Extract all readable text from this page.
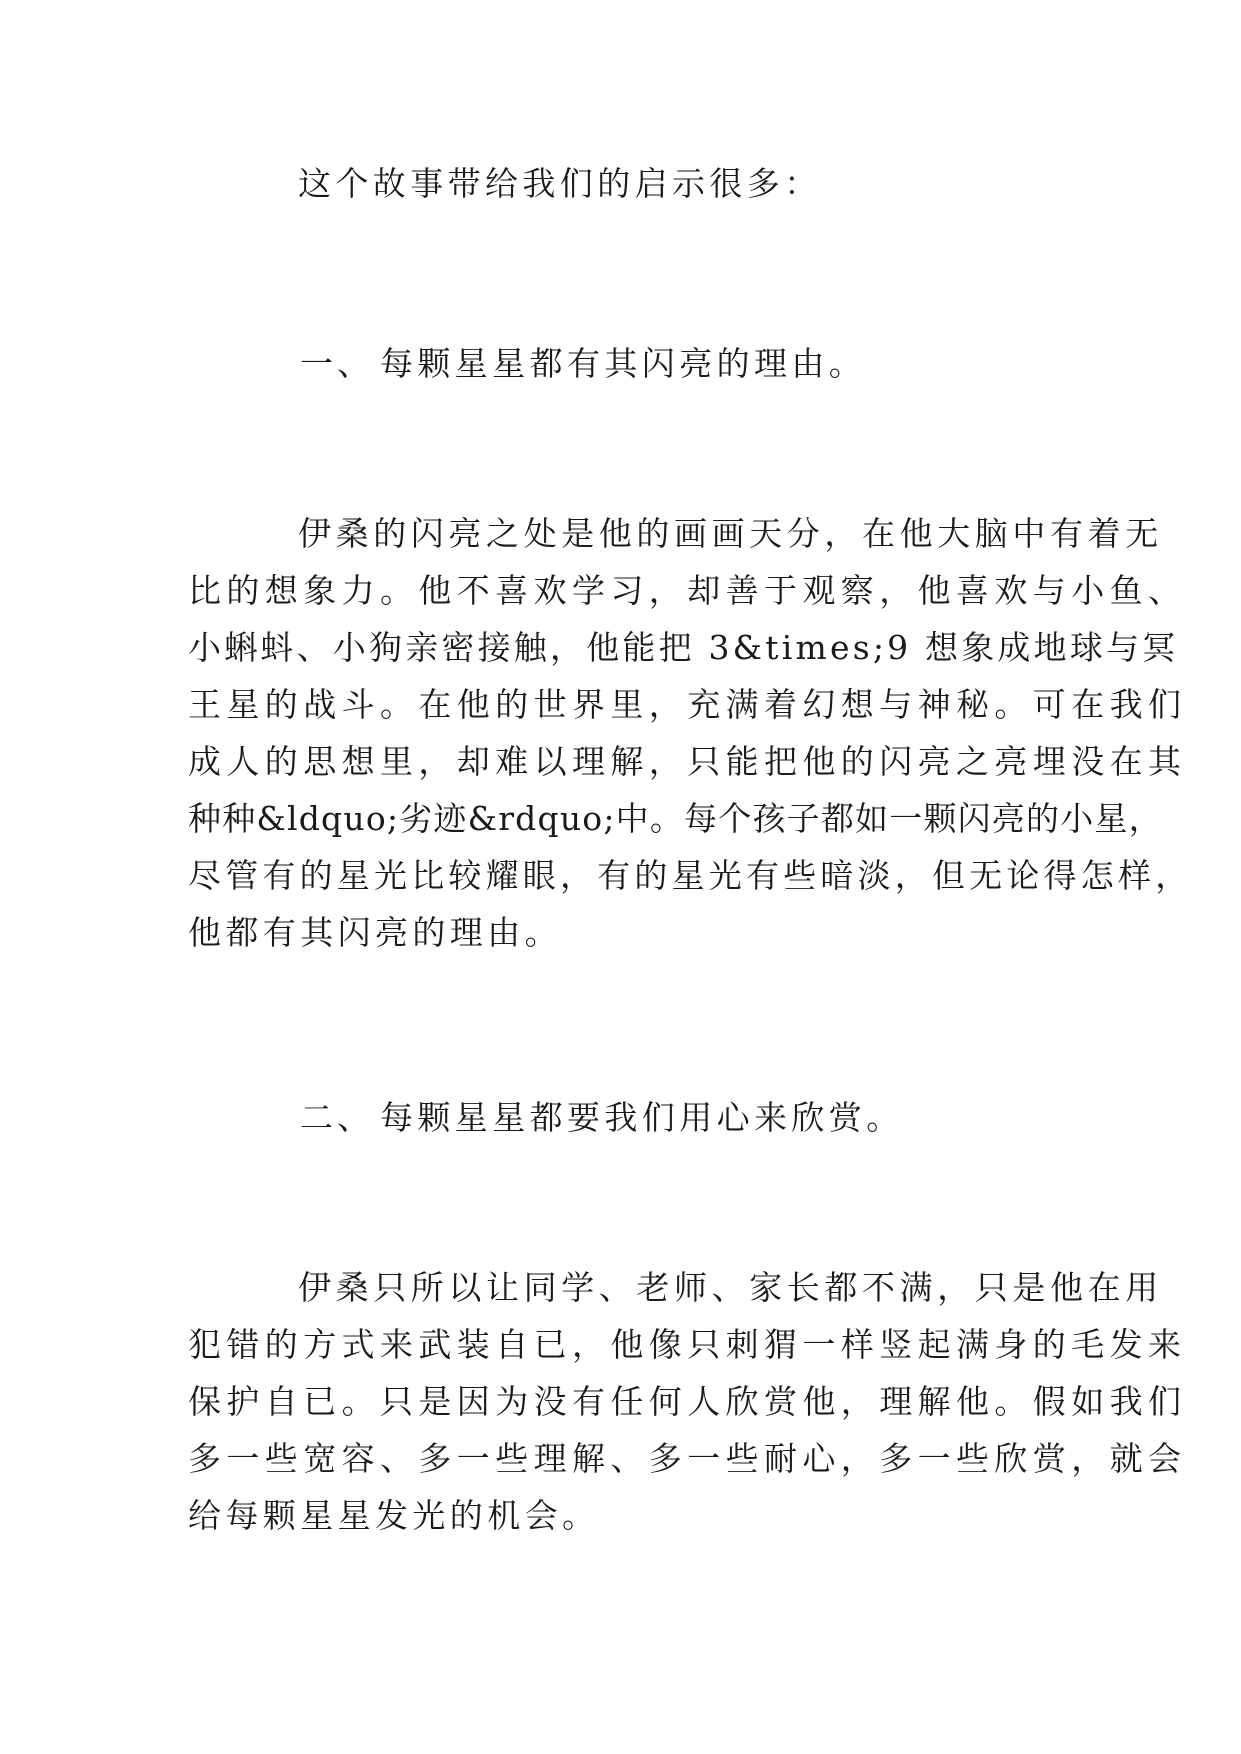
这个故事带给我们的启示很多：
一、 每颗星星都有其闪亮的理由。
伊桑的闪亮之处是他的画画天分，在他大脑中有着无
比的想象力。他不喜欢学习，却善于观察，他喜欢与小鱼、
小蝌蚪、小狗亲密接触，他能把 3&times;9 想象成地球与冥
王星的战斗。在他的世界里，充满着幻想与神秘。可在我们
成人的思想里，却难以理解，只能把他的闪亮之亮埋没在其
种种&ldquo;劣迹&rdquo;中。每个孩子都如一颗闪亮的小星，
尽管有的星光比较耀眼，有的星光有些暗淡，但无论得怎样，
他都有其闪亮的理由。
二、 每颗星星都要我们用心来欣赏。
伊桑只所以让同学、老师、家长都不满，只是他在用
犯错的方式来武装自已，他像只刺猬一样竖起满身的毛发来
保护自已。只是因为没有任何人欣赏他，理解他。假如我们
多一些宽容、多一些理解、多一些耐心，多一些欣赏，就会
给每颗星星发光的机会。
